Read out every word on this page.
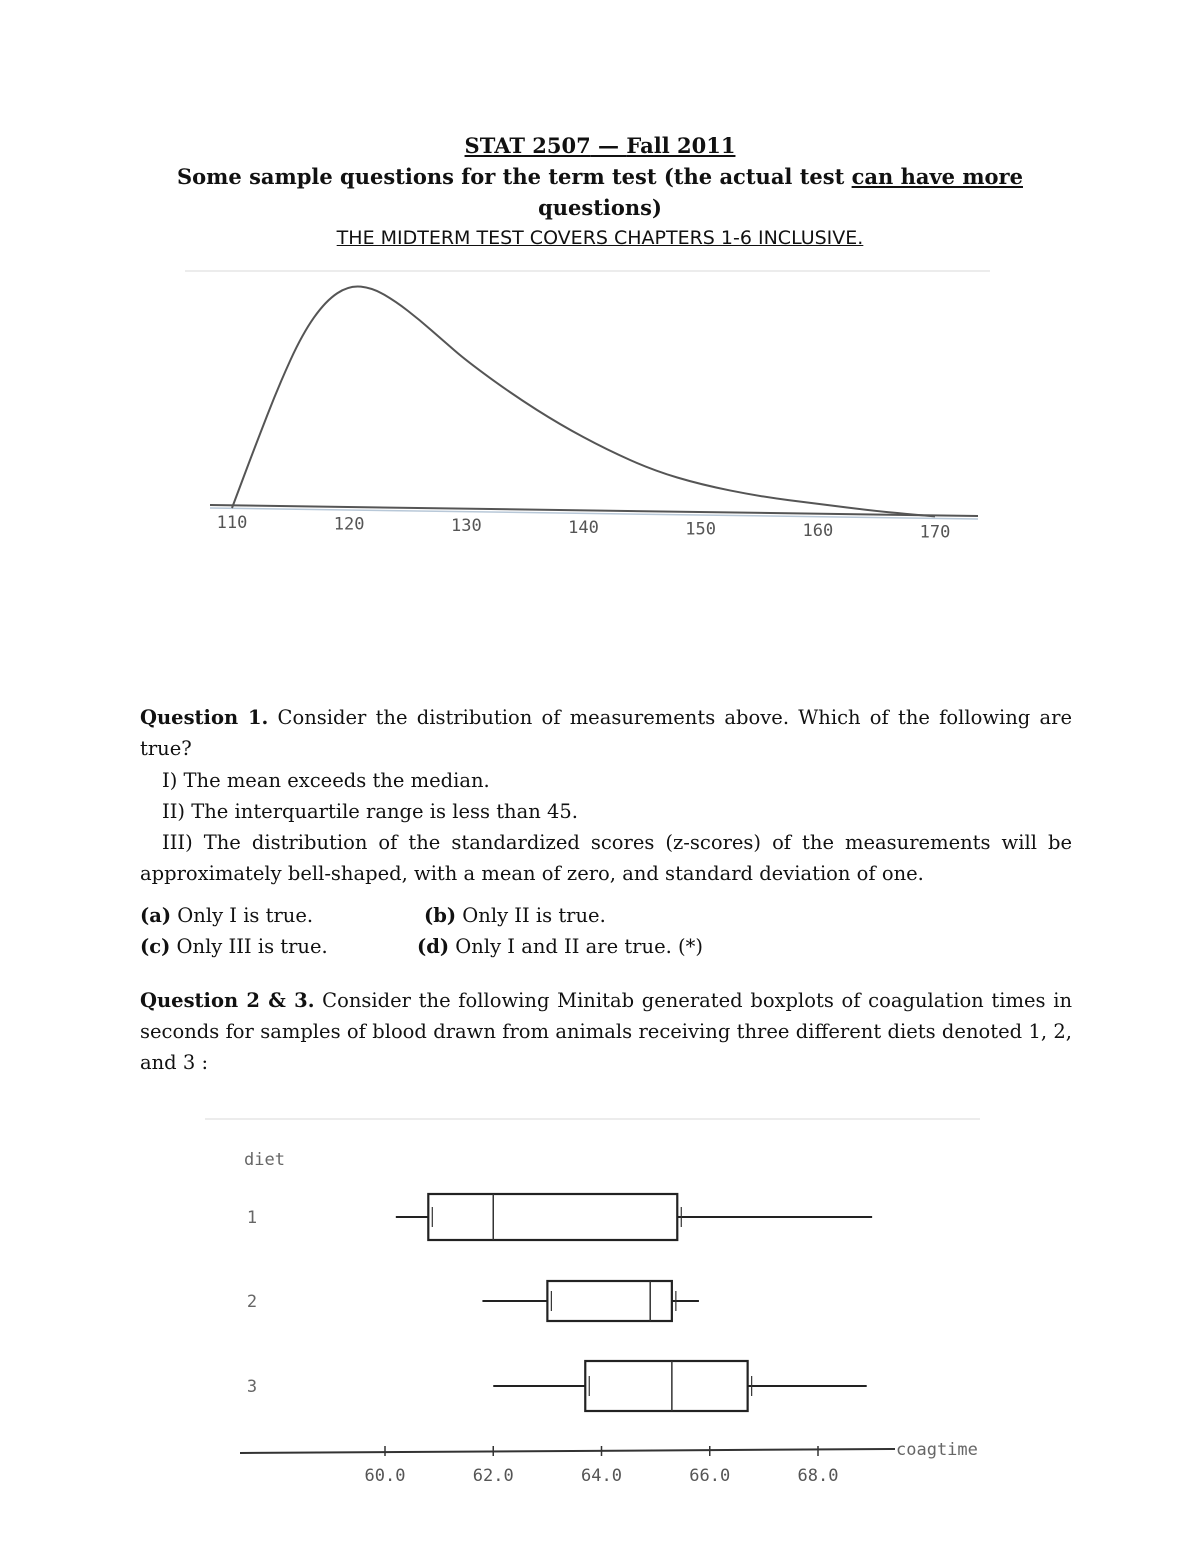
STAT 2507 — Fall 2011
Some sample questions for the term test (the actual test can have more
questions)
THE MIDTERM TEST COVERS CHAPTERS 1-6 INCLUSIVE.
110	120	130	140	150	160	170
Question 1. Consider the distribution of measurements above. Which of the following are true?
I) The mean exceeds the median.
II) The interquartile range is less than 45.
III) The distribution of the standardized scores (z-scores) of the measurements will be approximately bell-shaped, with a mean of zero, and standard deviation of one.
(a) Only I is true.	(b) Only II is true.
(c) Only III is true.	(d) Only I and II are true. (*)
Question 2 & 3. Consider the following Minitab generated boxplots of coagulation times in seconds for samples of blood drawn from animals receiving three different diets denoted 1, 2, and 3 :
diet
1
2
3
coagtime
60.0	62.0	64.0	66.0	68.0
